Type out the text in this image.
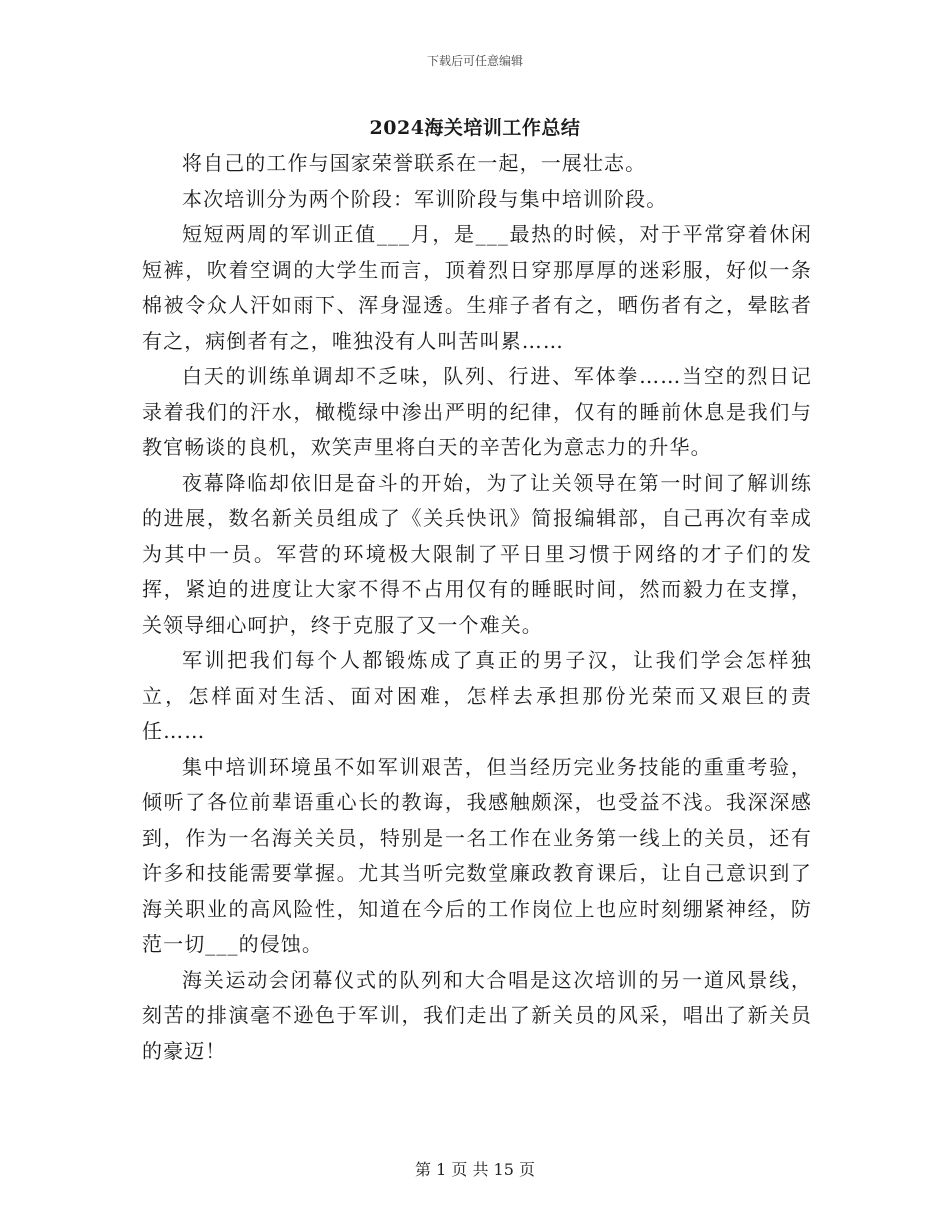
下载后可任意编辑
2024海关培训工作总结

将自己的工作与国家荣誉联系在一起，一展壮志。

本次培训分为两个阶段：军训阶段与集中培训阶段。

短短两周的军训正值___月，是___最热的时候，对于平常穿着休闲短裤，吹着空调的大学生而言，顶着烈日穿那厚厚的迷彩服，好似一条棉被令众人汗如雨下、浑身湿透。生痱子者有之，晒伤者有之，晕眩者有之，病倒者有之，唯独没有人叫苦叫累……

白天的训练单调却不乏味，队列、行进、军体拳……当空的烈日记录着我们的汗水，橄榄绿中渗出严明的纪律，仅有的睡前休息是我们与教官畅谈的良机，欢笑声里将白天的辛苦化为意志力的升华。

夜幕降临却依旧是奋斗的开始，为了让关领导在第一时间了解训练的进展，数名新关员组成了《关兵快讯》简报编辑部，自己再次有幸成为其中一员。军营的环境极大限制了平日里习惯于网络的才子们的发挥，紧迫的进度让大家不得不占用仅有的睡眠时间，然而毅力在支撑，关领导细心呵护，终于克服了又一个难关。

军训把我们每个人都锻炼成了真正的男子汉，让我们学会怎样独立，怎样面对生活、面对困难，怎样去承担那份光荣而又艰巨的责任……

集中培训环境虽不如军训艰苦，但当经历完业务技能的重重考验，倾听了各位前辈语重心长的教诲，我感触颇深，也受益不浅。我深深感到，作为一名海关关员，特别是一名工作在业务第一线上的关员，还有许多和技能需要掌握。尤其当听完数堂廉政教育课后，让自己意识到了海关职业的高风险性，知道在今后的工作岗位上也应时刻绷紧神经，防范一切___的侵蚀。

海关运动会闭幕仪式的队列和大合唱是这次培训的另一道风景线，刻苦的排演毫不逊色于军训，我们走出了新关员的风采，唱出了新关员的豪迈！

第 1 页 共 15 页
